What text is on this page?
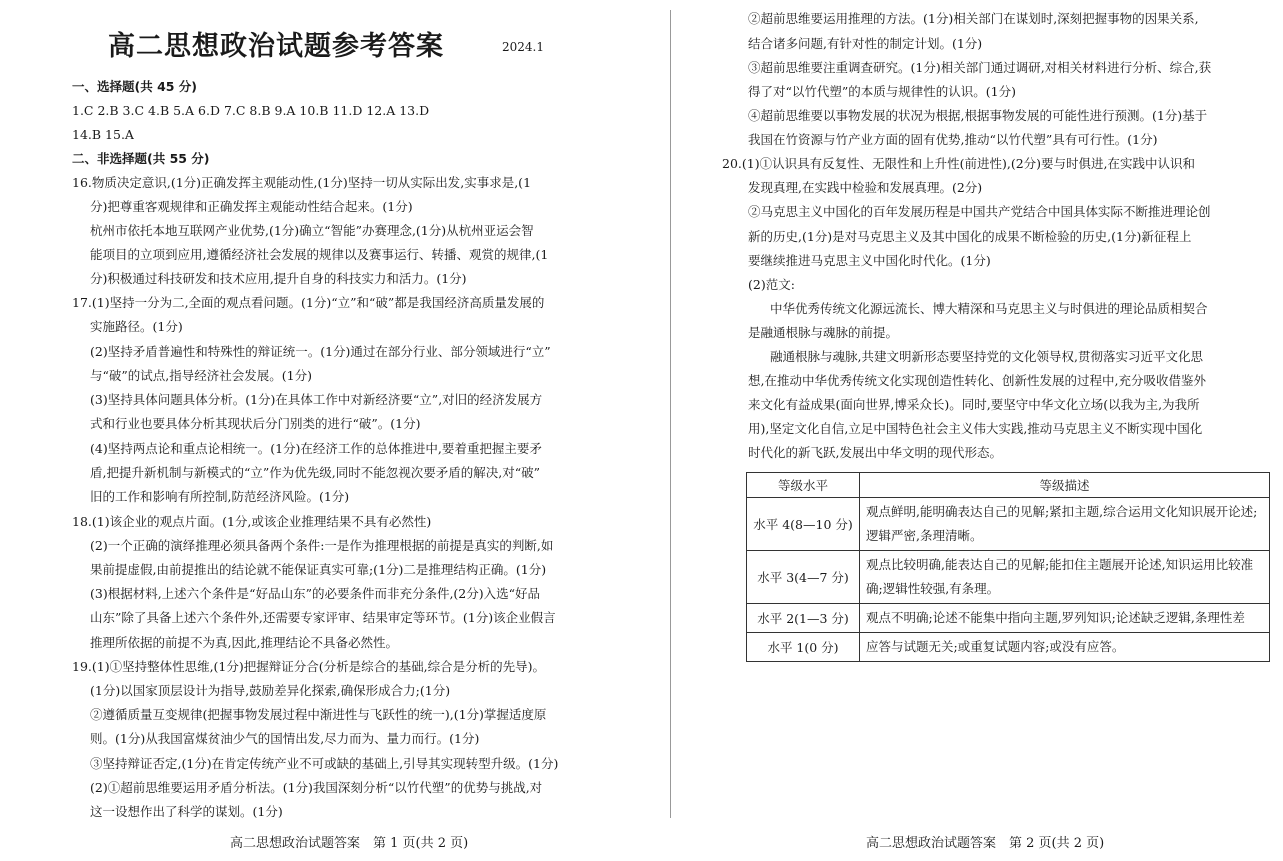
高二思想政治试题参考答案	2024.1
一、选择题(共 45 分)
1.C 2.B 3.C 4.B 5.A 6.D 7.C 8.B 9.A 10.B 11.D 12.A 13.D
14.B 15.A
二、非选择题(共 55 分)
16.物质决定意识,(1分)正确发挥主观能动性,(1分)坚持一切从实际出发,实事求是,(1
分)把尊重客观规律和正确发挥主观能动性结合起来。(1分)
杭州市依托本地互联网产业优势,(1分)确立“智能”办赛理念,(1分)从杭州亚运会智
能项目的立项到应用,遵循经济社会发展的规律以及赛事运行、转播、观赏的规律,(1
分)积极通过科技研发和技术应用,提升自身的科技实力和活力。(1分)
17.(1)坚持一分为二,全面的观点看问题。(1分)“立”和“破”都是我国经济高质量发展的
实施路径。(1分)
(2)坚持矛盾普遍性和特殊性的辩证统一。(1分)通过在部分行业、部分领域进行“立”
与“破”的试点,指导经济社会发展。(1分)
(3)坚持具体问题具体分析。(1分)在具体工作中对新经济要“立”,对旧的经济发展方
式和行业也要具体分析其现状后分门别类的进行“破”。(1分)
(4)坚持两点论和重点论相统一。(1分)在经济工作的总体推进中,要着重把握主要矛
盾,把提升新机制与新模式的“立”作为优先级,同时不能忽视次要矛盾的解决,对“破”
旧的工作和影响有所控制,防范经济风险。(1分)
18.(1)该企业的观点片面。(1分,或该企业推理结果不具有必然性)
(2)一个正确的演绎推理必须具备两个条件:一是作为推理根据的前提是真实的判断,如
果前提虚假,由前提推出的结论就不能保证真实可靠;(1分)二是推理结构正确。(1分)
(3)根据材料,上述六个条件是“好品山东”的必要条件而非充分条件,(2分)入选“好品
山东”除了具备上述六个条件外,还需要专家评审、结果审定等环节。(1分)该企业假言
推理所依据的前提不为真,因此,推理结论不具备必然性。
19.(1)①坚持整体性思维,(1分)把握辩证分合(分析是综合的基础,综合是分析的先导)。
(1分)以国家顶层设计为指导,鼓励差异化探索,确保形成合力;(1分)
②遵循质量互变规律(把握事物发展过程中渐进性与飞跃性的统一),(1分)掌握适度原
则。(1分)从我国富煤贫油少气的国情出发,尽力而为、量力而行。(1分)
③坚持辩证否定,(1分)在肯定传统产业不可或缺的基础上,引导其实现转型升级。(1分)
(2)①超前思维要运用矛盾分析法。(1分)我国深刻分析“以竹代塑”的优势与挑战,对
这一设想作出了科学的谋划。(1分)
②超前思维要运用推理的方法。(1分)相关部门在谋划时,深刻把握事物的因果关系,
结合诸多问题,有针对性的制定计划。(1分)
③超前思维要注重调查研究。(1分)相关部门通过调研,对相关材料进行分析、综合,获
得了对“以竹代塑”的本质与规律性的认识。(1分)
④超前思维要以事物发展的状况为根据,根据事物发展的可能性进行预测。(1分)基于
我国在竹资源与竹产业方面的固有优势,推动“以竹代塑”具有可行性。(1分)
20.(1)①认识具有反复性、无限性和上升性(前进性),(2分)要与时俱进,在实践中认识和
发现真理,在实践中检验和发展真理。(2分)
②马克思主义中国化的百年发展历程是中国共产党结合中国具体实际不断推进理论创
新的历史,(1分)是对马克思主义及其中国化的成果不断检验的历史,(1分)新征程上
要继续推进马克思主义中国化时代化。(1分)
(2)范文:
中华优秀传统文化源远流长、博大精深和马克思主义与时俱进的理论品质相契合
是融通根脉与魂脉的前提。
融通根脉与魂脉,共建文明新形态要坚持党的文化领导权,贯彻落实习近平文化思
想,在推动中华优秀传统文化实现创造性转化、创新性发展的过程中,充分吸收借鉴外
来文化有益成果(面向世界,博采众长)。同时,要坚守中华文化立场(以我为主,为我所
用),坚定文化自信,立足中国特色社会主义伟大实践,推动马克思主义不断实现中国化
时代化的新飞跃,发展出中华文明的现代形态。
等级水平	等级描述
水平 4(8—10 分)	观点鲜明,能明确表达自己的见解;紧扣主题,综合运用文化知识展开论述;逻辑严密,条理清晰。
水平 3(4—7 分)	观点比较明确,能表达自己的见解;能扣住主题展开论述,知识运用比较准确;逻辑性较强,有条理。
水平 2(1—3 分)	观点不明确;论述不能集中指向主题,罗列知识;论述缺乏逻辑,条理性差
水平 1(0 分)	应答与试题无关;或重复试题内容;或没有应答。
高二思想政治试题答案　第 1 页(共 2 页)	高二思想政治试题答案　第 2 页(共 2 页)
